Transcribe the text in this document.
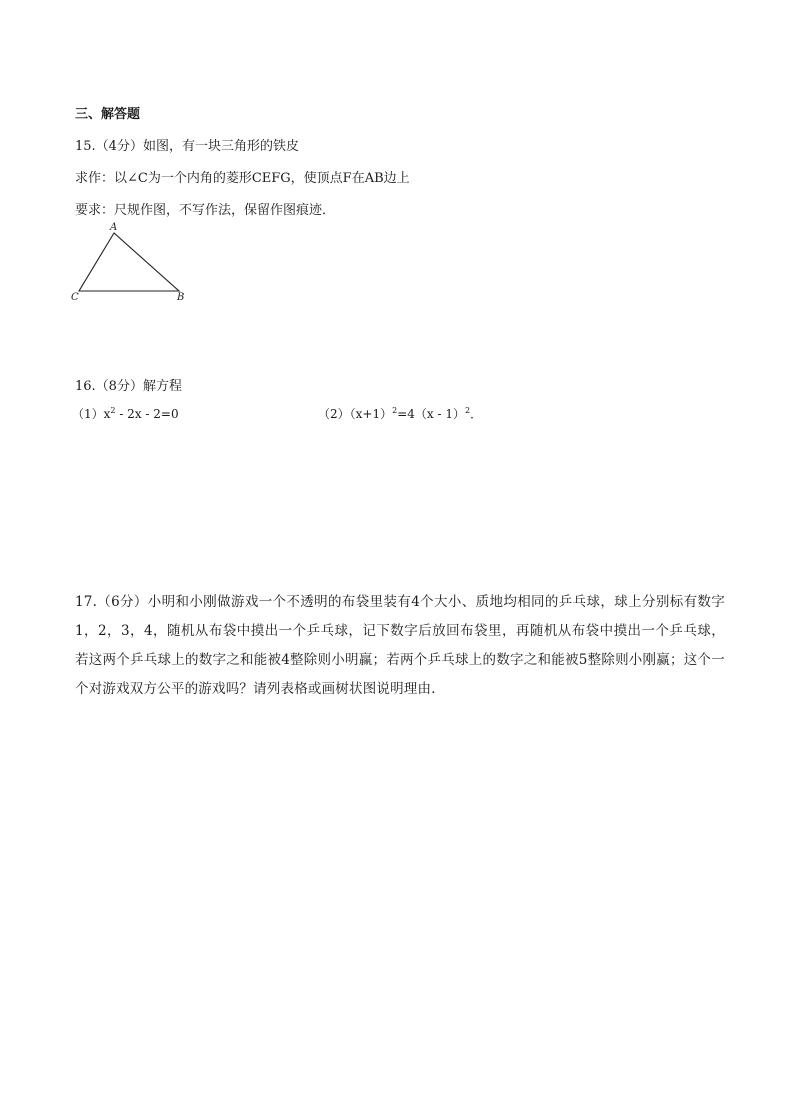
三、解答题
15.（4分）如图，有一块三角形的铁皮
求作：以∠C为一个内角的菱形CEFG，使顶点F在AB边上
要求：尺规作图，不写作法，保留作图痕迹．
A
C	B
16.（8分）解方程
$(1)x^2 - 2x - 2=0$	$(2)(x+1)^2=4(x - 1)^2$．
17.（6分）小明和小刚做游戏一个不透明的布袋里装有4个大小、质地均相同的乒乓球，球上分别标有数字1，2，3，4，随机从布袋中摸出一个乒乓球，记下数字后放回布袋里，再随机从布袋中摸出一个乒乓球，若这两个乒乓球上的数字之和能被4整除则小明赢；若两个乒乓球上的数字之和能被5整除则小刚赢；这个一个对游戏双方公平的游戏吗？请列表格或画树状图说明理由．
